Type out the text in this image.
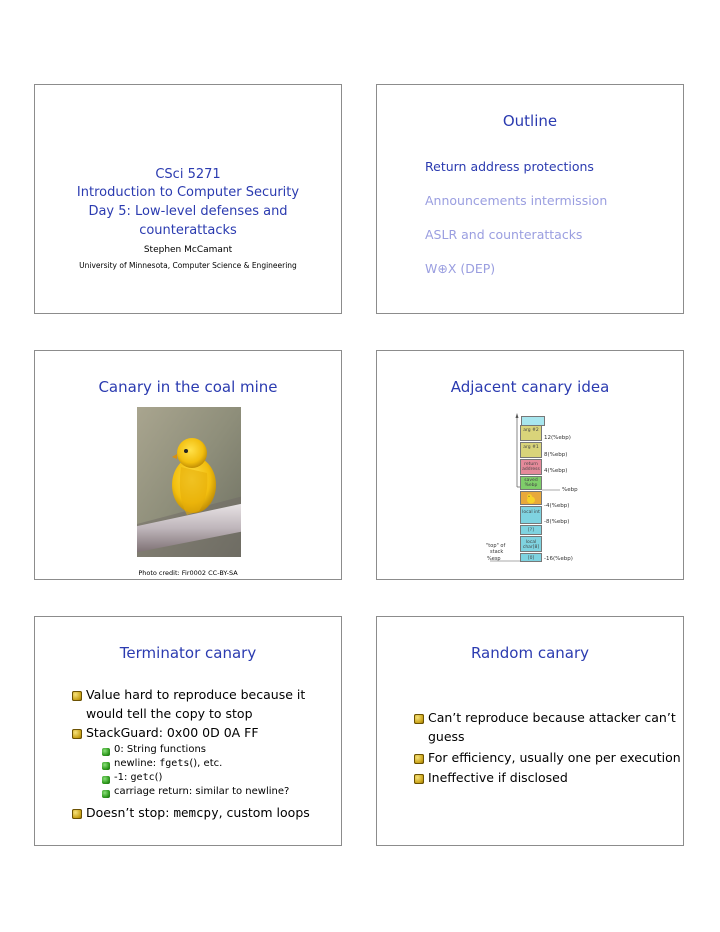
CSci 5271
Introduction to Computer Security
Day 5: Low-level defenses and
counterattacks
Stephen McCamant
University of Minnesota, Computer Science & Engineering
Outline
Return address protections
Announcements intermission
ASLR and counterattacks
W⊕X (DEP)
Canary in the coal mine
Photo credit: Fir0002 CC-BY-SA
Adjacent canary idea
arg #2
arg #1
return address
saved %ebp
local int
[?]
local char[8]
[0]
12(%ebp)
8(%ebp)
4(%ebp)
%ebp
-4(%ebp)
-8(%ebp)
-16(%ebp)
"top" of
stack
%esp
Terminator canary
Value hard to reproduce because it
would tell the copy to stop
StackGuard: 0x00 0D 0A FF
0: String functions
newline: fgets(), etc.
-1: getc()
carriage return: similar to newline?
Doesn’t stop: memcpy, custom loops
Random canary
Can’t reproduce because attacker can’t
guess
For efficiency, usually one per execution
Ineffective if disclosed
